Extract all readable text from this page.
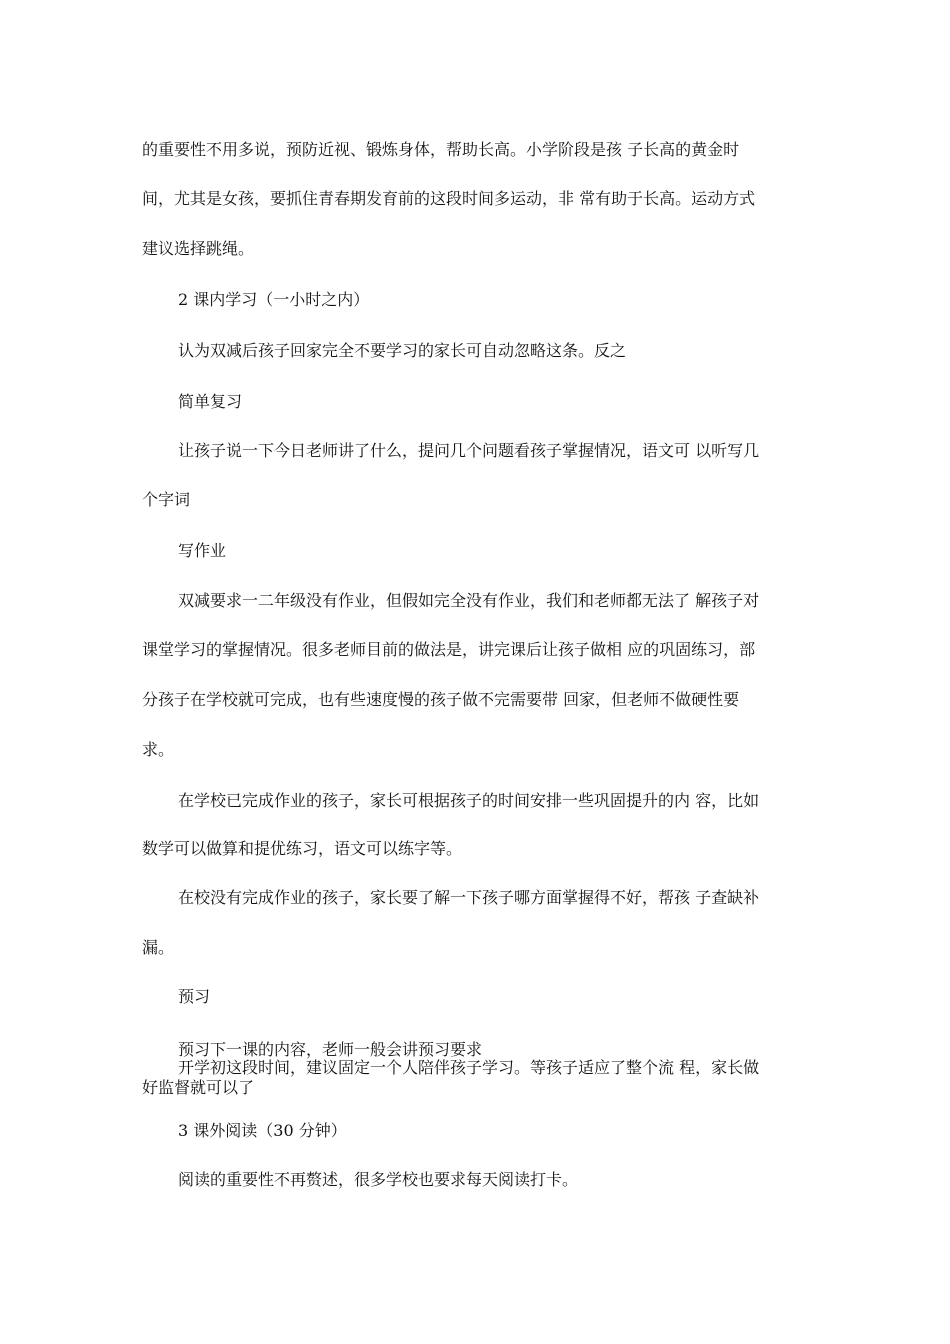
的重要性不用多说，预防近视、锻炼身体，帮助长高。小学阶段是孩 子长高的黄金时

间，尤其是女孩，要抓住青春期发育前的这段时间多运动，非 常有助于长高。运动方式

建议选择跳绳。

2 课内学习（一小时之内）

认为双减后孩子回家完全不要学习的家长可自动忽略这条。反之

简单复习

让孩子说一下今日老师讲了什么，提问几个问题看孩子掌握情况，语文可 以听写几

个字词

写作业

双减要求一二年级没有作业，但假如完全没有作业，我们和老师都无法了 解孩子对

课堂学习的掌握情况。很多老师目前的做法是，讲完课后让孩子做相 应的巩固练习，部

分孩子在学校就可完成，也有些速度慢的孩子做不完需要带 回家，但老师不做硬性要

求。

在学校已完成作业的孩子，家长可根据孩子的时间安排一些巩固提升的内 容，比如

数学可以做算和提优练习，语文可以练字等。

在校没有完成作业的孩子，家长要了解一下孩子哪方面掌握得不好，帮孩 子查缺补

漏。

预习

预习下一课的内容，老师一般会讲预习要求

开学初这段时间，建议固定一个人陪伴孩子学习。等孩子适应了整个流 程，家长做

好监督就可以了

3 课外阅读（30 分钟）

阅读的重要性不再赘述，很多学校也要求每天阅读打卡。
